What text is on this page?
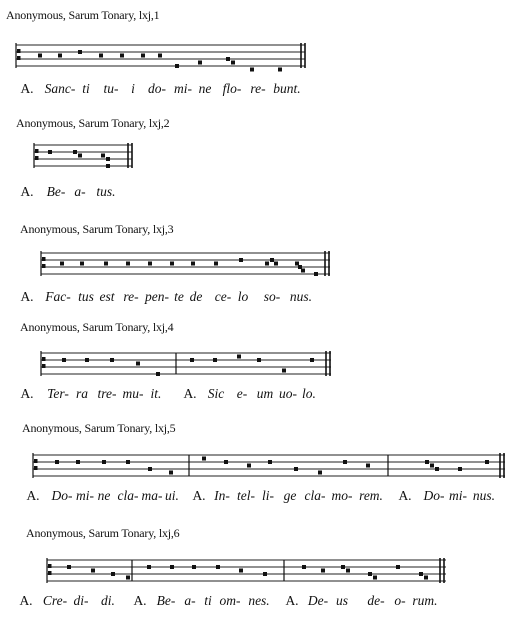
Anonymous, Sarum Tonary, lxj,1
Anonymous, Sarum Tonary, lxj,2
Anonymous, Sarum Tonary, lxj,3
Anonymous, Sarum Tonary, lxj,4
Anonymous, Sarum Tonary, lxj,5
Anonymous, Sarum Tonary, lxj,6
A. Sanc- ti tu- i do- mi- ne flo- re- bunt.
A. Be- a- tus.
A. Fac- tus est re- pen- te de ce- lo so- nus.
A. Ter- ra tre- mu- it. A. Sic e- um uo- lo.
A. Do- mi- ne cla- ma- ui. A. In- tel- li- ge cla- mo- rem. A. Do- mi- nus.
A. Cre- di- di. A. Be- a- ti om- nes. A. De- us de- o- rum.
